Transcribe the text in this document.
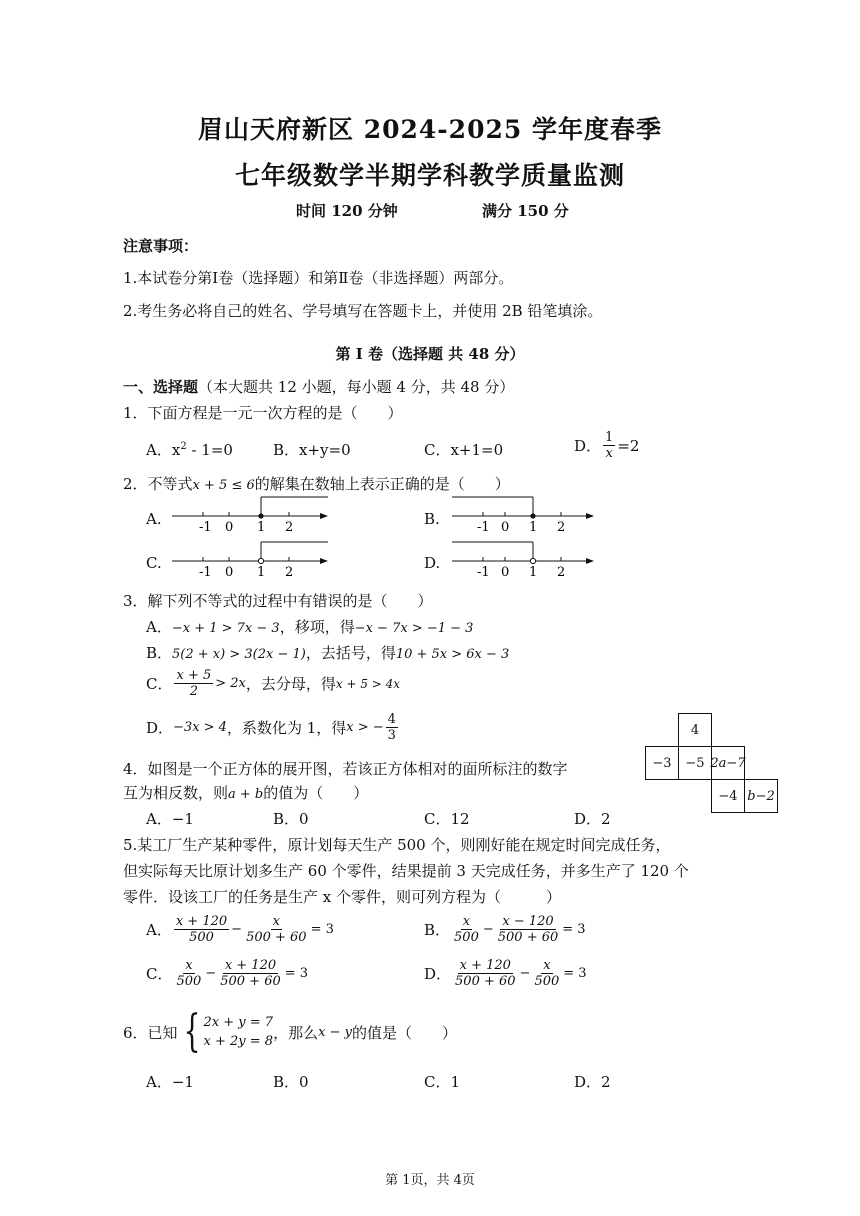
眉山天府新区 2024-2025 学年度春季
七年级数学半期学科教学质量监测
时间 120 分钟	满分 150 分
注意事项：
1.本试卷分第Ⅰ卷（选择题）和第Ⅱ卷（非选择题）两部分。
2.考生务必将自己的姓名、学号填写在答题卡上，并使用 2B 铅笔填涂。
第 I 卷（选择题 共 48 分）
一、选择题（本大题共 12 小题，每小题 4 分，共 48 分）
1．下面方程是一元一次方程的是（　　）
A．$x^2 - 1=0$	B．x+y=0	C．x+1=0	D． $\frac{1}{x} =2$
2．不等式x + 5 ≤ 6的解集在数轴上表示正确的是（　　）
A.	B.
C.	D.
-1 0 1 2	-1 0 1 2
-1 0 1 2	-1 0 1 2
3．解下列不等式的过程中有错误的是（　　）
A．−x + 1 > 7x − 3，移项，得−x − 7x > −1 − 3
B．5(2 + x) > 3(2x − 1)，去括号，得10 + 5x > 6x − 3
C． $\frac{x + 5}{2} > 2x$ ，去分母，得 x + 5 > 4x
D． −3x > 4 ，系数化为 1，得 x > − $\frac{4}{3}$	4
−3	−5 2a−7
−4 b−2
4．如图是一个正方体的展开图，若该正方体相对的面所标注的数字
互为相反数，则a + b的值为（　　）
A．−1	B．0	C．12	D．2
5.某工厂生产某种零件，原计划每天生产 500 个，则刚好能在规定时间完成任务，
但实际每天比原计划多生产 60 个零件，结果提前 3 天完成任务，并多生产了 120 个
零件．设该工厂的任务是生产 x 个零件，则可列方程为（　　　）
A． $\frac{x + 120}{500} - \frac{x}{500 + 60} = 3$	B． $\frac{x}{500} - \frac{x - 120}{500 + 60} = 3$
C． $\frac{x}{500} - \frac{x + 120}{500 + 60} = 3$	D． $\frac{x + 120}{500 + 60} - \frac{x}{500} = 3$
6．已知 { 2x + y = 7
x + 2y = 8 ，那么 x − y 的值是（　　）
A．−1	B．0	C．1	D．2
第 1页，共 4页
